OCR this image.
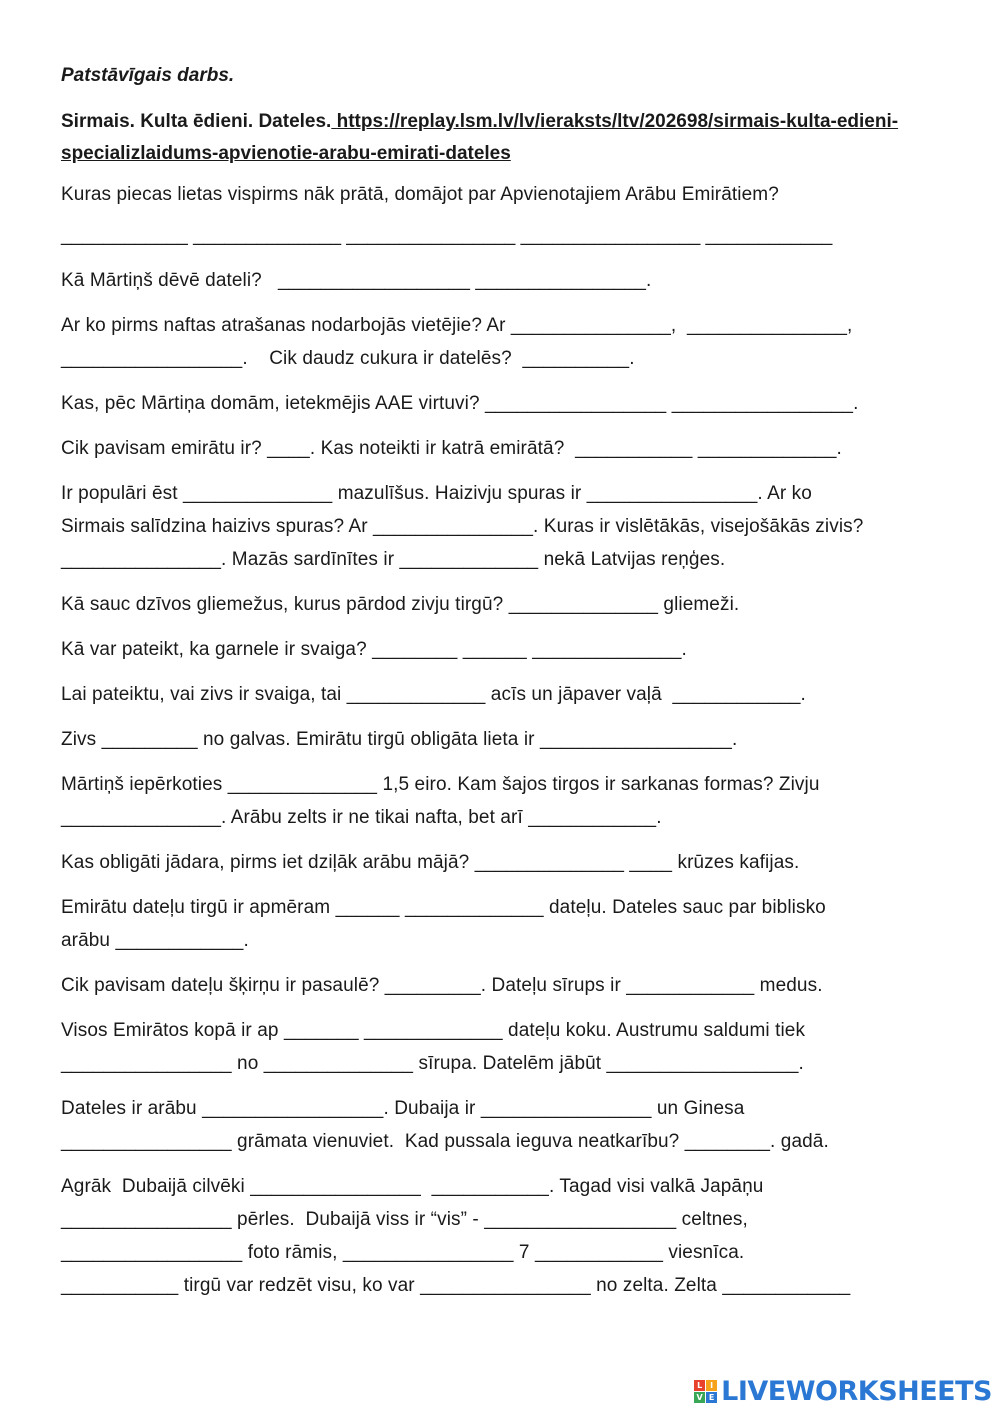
Patstāvīgais darbs.
Sirmais. Kulta ēdieni. Dateles. https://replay.lsm.lv/lv/ieraksts/ltv/202698/sirmais-kulta-edieni-specializlaidums-apvienotie-arabu-emirati-dateles
Kuras piecas lietas vispirms nāk prātā, domājot par Apvienotajiem Arābu Emirātiem?
____________ ______________ ________________ _________________ ____________
Kā Mārtiņš dēvē dateli?   __________________ ________________.
Ar ko pirms naftas atrašanas nodarbojās vietējie? Ar _______________,  _______________,
_________________.    Cik daudz cukura ir datelēs?  __________.
Kas, pēc Mārtiņa domām, ietekmējis AAE virtuvi? _________________ _________________.
Cik pavisam emirātu ir? ____. Kas noteikti ir katrā emirātā?  ___________ _____________.
Ir populāri ēst ______________ mazulīšus. Haizivju spuras ir ________________. Ar ko
Sirmais salīdzina haizivs spuras? Ar _______________. Kuras ir vislētākās, visejošākās zivis?
_______________. Mazās sardīnītes ir _____________ nekā Latvijas reņģes.
Kā sauc dzīvos gliemežus, kurus pārdod zivju tirgū? ______________ gliemeži.
Kā var pateikt, ka garnele ir svaiga? ________ ______ ______________.
Lai pateiktu, vai zivs ir svaiga, tai _____________ acīs un jāpaver vaļā  ____________.
Zivs _________ no galvas. Emirātu tirgū obligāta lieta ir __________________.
Mārtiņš iepērkoties ______________ 1,5 eiro. Kam šajos tirgos ir sarkanas formas? Zivju
_______________. Arābu zelts ir ne tikai nafta, bet arī ____________.
Kas obligāti jādara, pirms iet dziļāk arābu mājā? ______________ ____ krūzes kafijas.
Emirātu dateļu tirgū ir apmēram ______ _____________ dateļu. Dateles sauc par biblisko
arābu ____________.
Cik pavisam dateļu šķirņu ir pasaulē? _________. Dateļu sīrups ir ____________ medus.
Visos Emirātos kopā ir ap _______ _____________ dateļu koku. Austrumu saldumi tiek
________________ no ______________ sīrupa. Datelēm jābūt __________________.
Dateles ir arābu _________________. Dubaija ir ________________ un Ginesa
________________ grāmata vienuviet.  Kad pussala ieguva neatkarību? ________. gadā.
Agrāk  Dubaijā cilvēki ________________  ___________. Tagad visi valkā Japāņu
________________ pērles.  Dubaijā viss ir “vis” - __________________ celtnes,
_________________ foto rāmis, ________________ 7 ____________ viesnīca.
___________ tirgū var redzēt visu, ko var ________________ no zelta. Zelta ____________
L I
V E LIVEWORKSHEETS
